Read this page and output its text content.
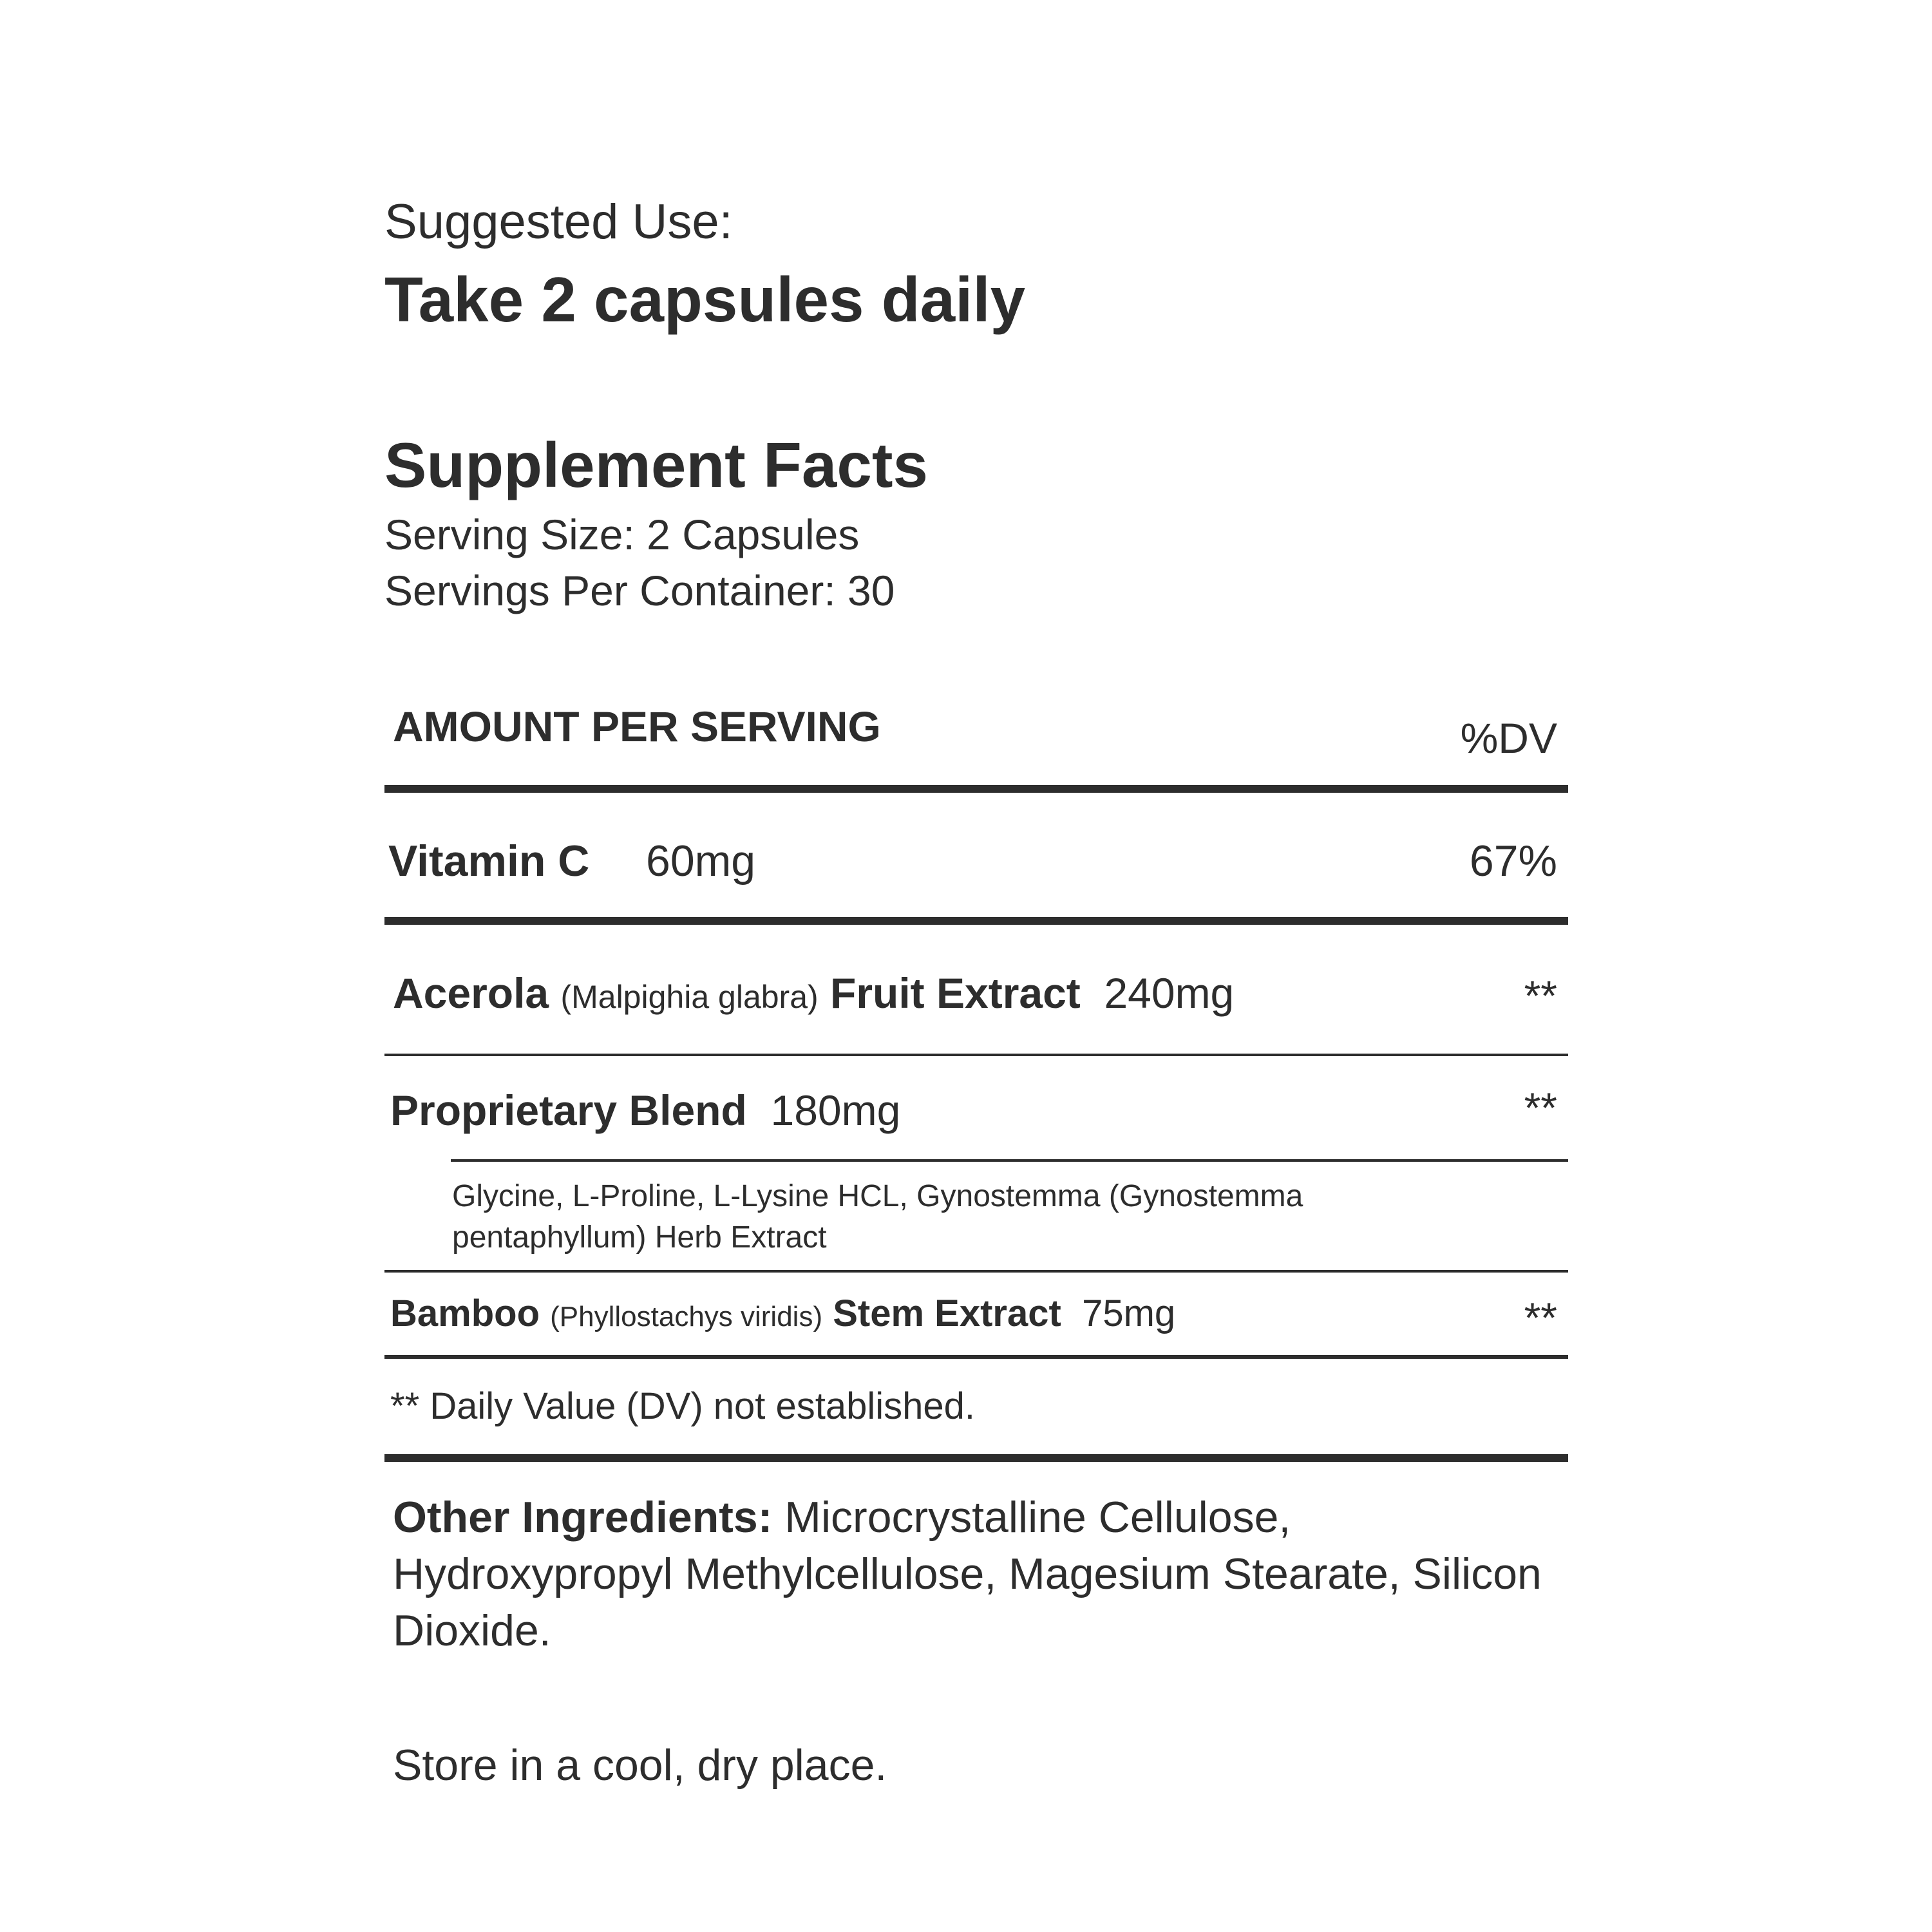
Suggested Use:
Take 2 capsules daily
Supplement Facts
Serving Size: 2 Capsules
Servings Per Container: 30
AMOUNT PER SERVING	%DV
Vitamin C 60mg	67%
Acerola (Malpighia glabra) Fruit Extract 240mg	**
Proprietary Blend 180mg	**
Glycine, L-Proline, L-Lysine HCL, Gynostemma (Gynostemma pentaphyllum) Herb Extract
Bamboo (Phyllostachys viridis) Stem Extract 75mg	**
** Daily Value (DV) not established.
Other Ingredients: Microcrystalline Cellulose, Hydroxypropyl Methylcellulose, Magesium Stearate, Silicon Dioxide.
Store in a cool, dry place.
